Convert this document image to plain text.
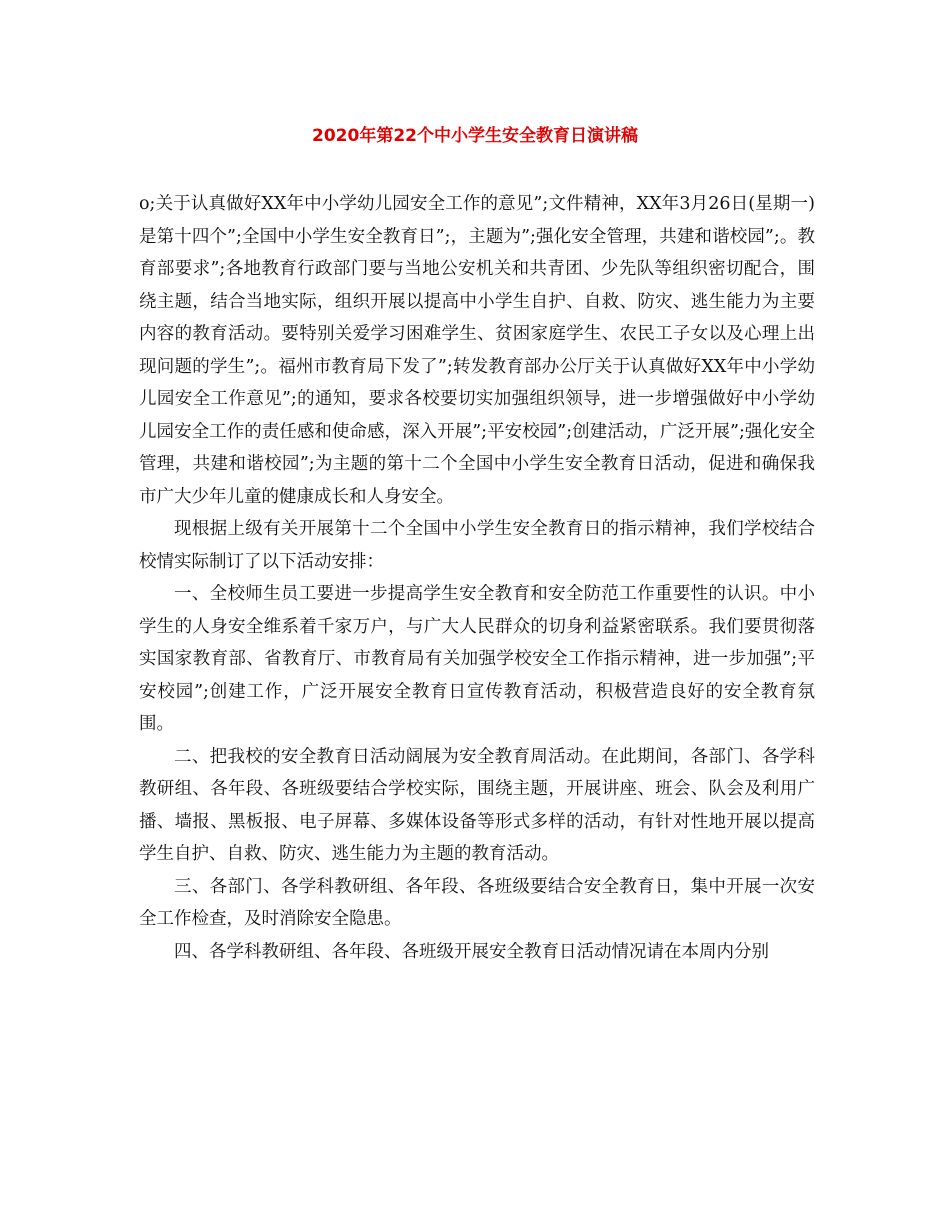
2020年第22个中小学生安全教育日演讲稿

o;关于认真做好XX年中小学幼儿园安全工作的意见”;文件精神，XX年3月26日(星期一)是第十四个”;全国中小学生安全教育日”;，主题为”;强化安全管理，共建和谐校园”;。教育部要求”;各地教育行政部门要与当地公安机关和共青团、少先队等组织密切配合，围绕主题，结合当地实际，组织开展以提高中小学生自护、自救、防灾、逃生能力为主要内容的教育活动。要特别关爱学习困难学生、贫困家庭学生、农民工子女以及心理上出现问题的学生”;。福州市教育局下发了”;转发教育部办公厅关于认真做好XX年中小学幼儿园安全工作意见”;的通知，要求各校要切实加强组织领导，进一步增强做好中小学幼儿园安全工作的责任感和使命感，深入开展”;平安校园”;创建活动，广泛开展”;强化安全管理，共建和谐校园”;为主题的第十二个全国中小学生安全教育日活动，促进和确保我市广大少年儿童的健康成长和人身安全。

现根据上级有关开展第十二个全国中小学生安全教育日的指示精神，我们学校结合校情实际制订了以下活动安排：

一、全校师生员工要进一步提高学生安全教育和安全防范工作重要性的认识。中小学生的人身安全维系着千家万户，与广大人民群众的切身利益紧密联系。我们要贯彻落实国家教育部、省教育厅、市教育局有关加强学校安全工作指示精神，进一步加强”;平安校园”;创建工作，广泛开展安全教育日宣传教育活动，积极营造良好的安全教育氛围。

二、把我校的安全教育日活动阔展为安全教育周活动。在此期间，各部门、各学科教研组、各年段、各班级要结合学校实际，围绕主题，开展讲座、班会、队会及利用广播、墙报、黑板报、电子屏幕、多媒体设备等形式多样的活动，有针对性地开展以提高学生自护、自救、防灾、逃生能力为主题的教育活动。

三、各部门、各学科教研组、各年段、各班级要结合安全教育日，集中开展一次安全工作检查，及时消除安全隐患。

四、各学科教研组、各年段、各班级开展安全教育日活动情况请在本周内分别
